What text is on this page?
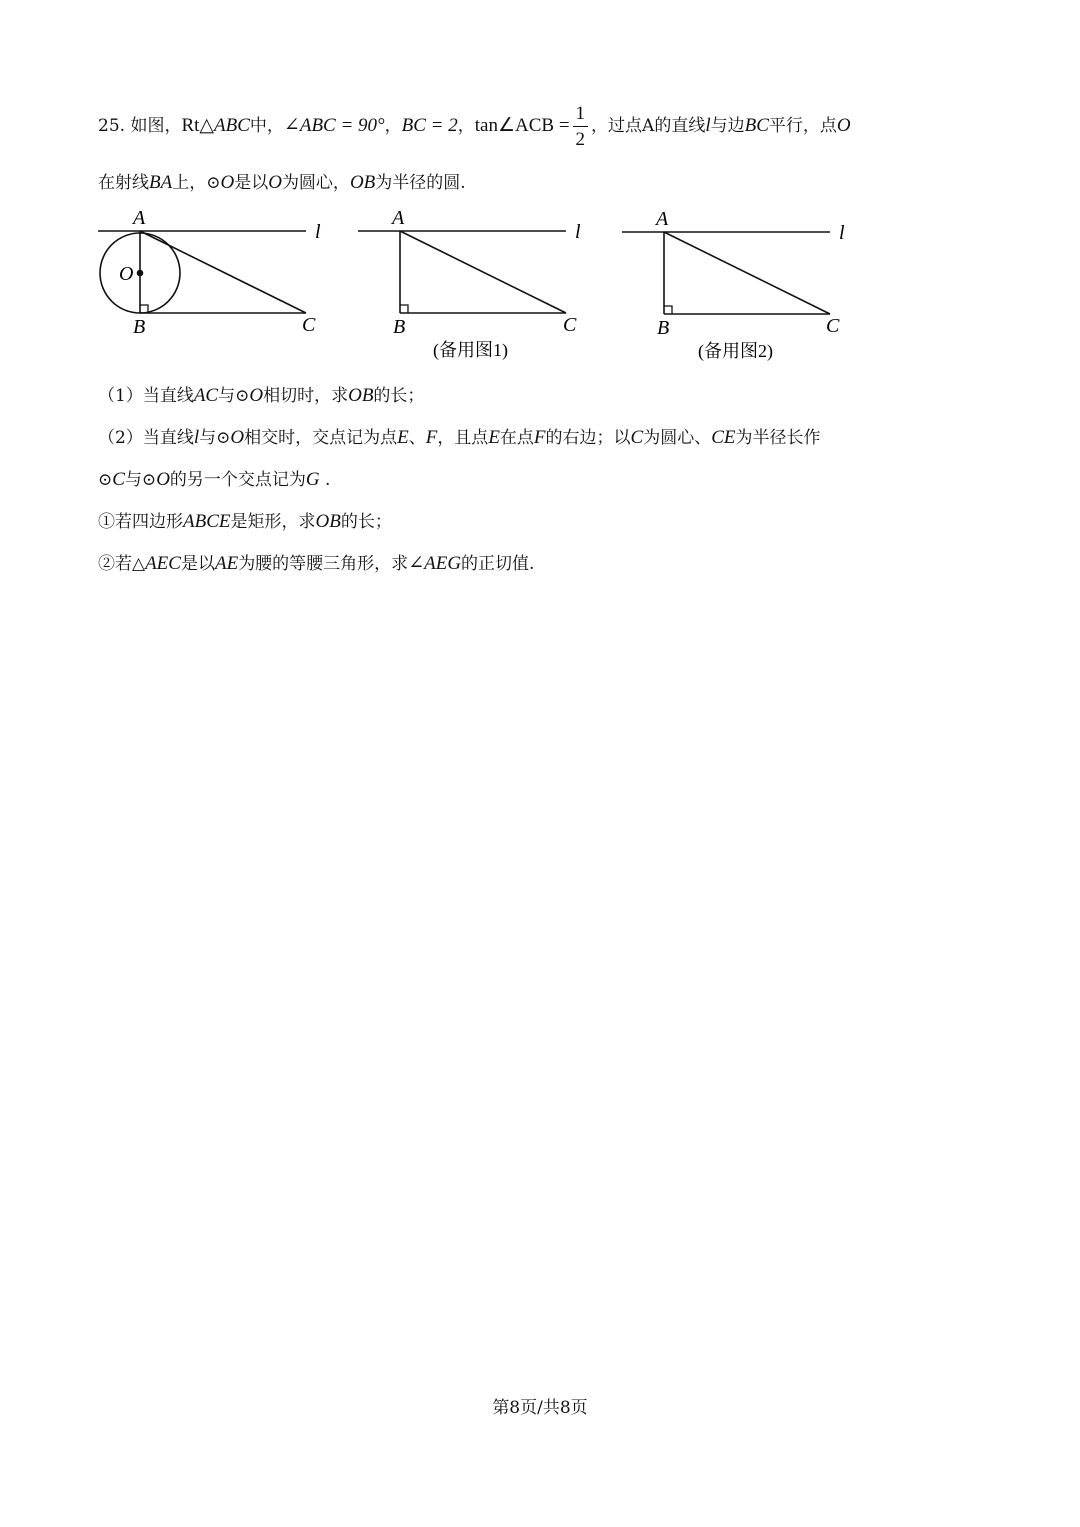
25. 如图，Rt△ABC中，∠ABC = 90°，BC = 2，tan∠ACB = $\frac{1}{2}$ ，过点A的直线l与边BC平行，点O
在射线BA上，⊙O是以O为圆心，OB为半径的圆.
A
O
B	C
l
A
B	C
l
(备用图1)
A
B	C
l
(备用图2)
（1）当直线AC与⊙O相切时，求OB的长；
（2）当直线l与⊙O相交时，交点记为点E、F，且点E在点F的右边；以C为圆心、CE为半径长作
⊙C与⊙O的另一个交点记为G .
①若四边形ABCE是矩形，求OB的长；
②若△AEC是以AE为腰的等腰三角形，求∠AEG的正切值.
第8页/共8页
